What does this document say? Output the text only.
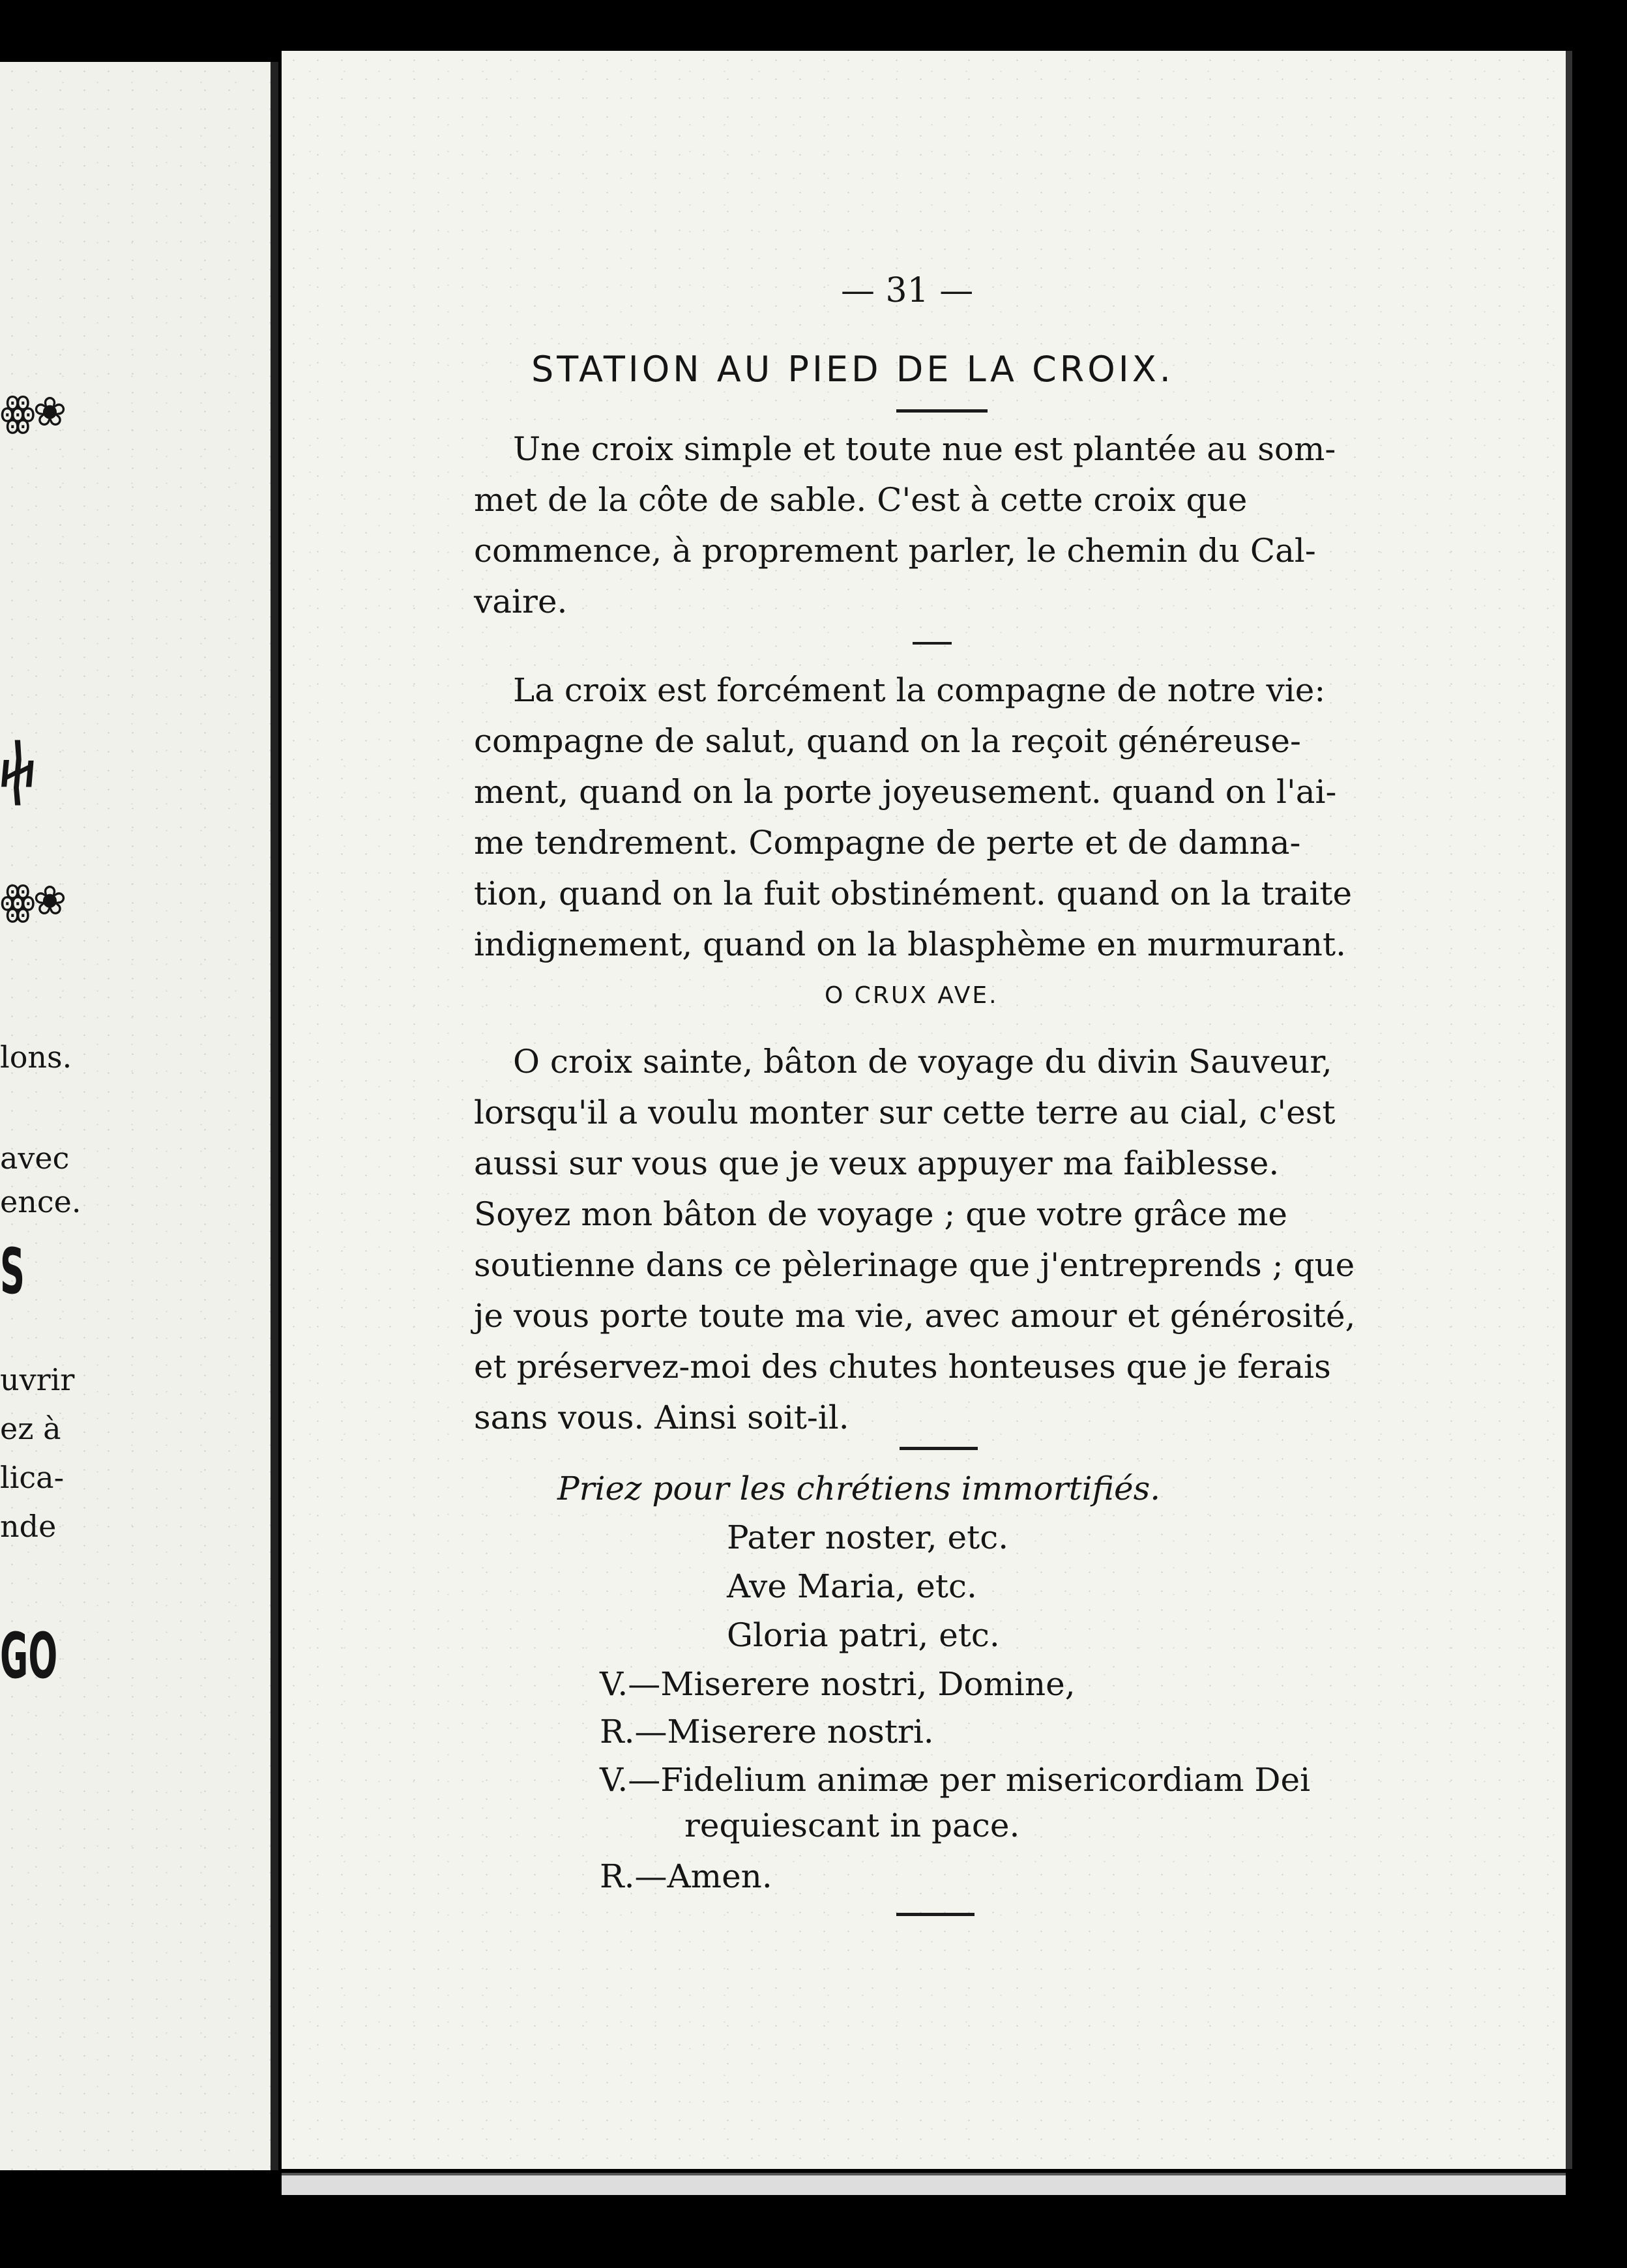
ꙮ❀
ⴕ
ꙮ❀
lons.
avec
ence.
S
uvrir
ez à
lica-
nde
GO
— 31 —
STATION AU PIED DE LA CROIX.
Une croix simple et toute nue est plantée au som-
met de la côte de sable. C'est à cette croix que
commence, à proprement parler, le chemin du Cal-
vaire.
La croix est forcément la compagne de notre vie:
compagne de salut, quand on la reçoit généreuse-
ment, quand on la porte joyeusement. quand on l'ai-
me tendrement. Compagne de perte et de damna-
tion, quand on la fuit obstinément. quand on la traite
indignement, quand on la blasphème en murmurant.
O CRUX AVE.
O croix sainte, bâton de voyage du divin Sauveur,
lorsqu'il a voulu monter sur cette terre au cial, c'est
aussi sur vous que je veux appuyer ma faiblesse.
Soyez mon bâton de voyage ; que votre grâce me
soutienne dans ce pèlerinage que j'entreprends ; que
je vous porte toute ma vie, avec amour et générosité,
et préservez-moi des chutes honteuses que je ferais
sans vous. Ainsi soit-il.
Priez pour les chrétiens immortifiés.
Pater noster, etc.
Ave Maria, etc.
Gloria patri, etc.
V.—Miserere nostri, Domine,
R.—Miserere nostri.
V.—Fidelium animæ per misericordiam Dei
requiescant in pace.
R.—Amen.
